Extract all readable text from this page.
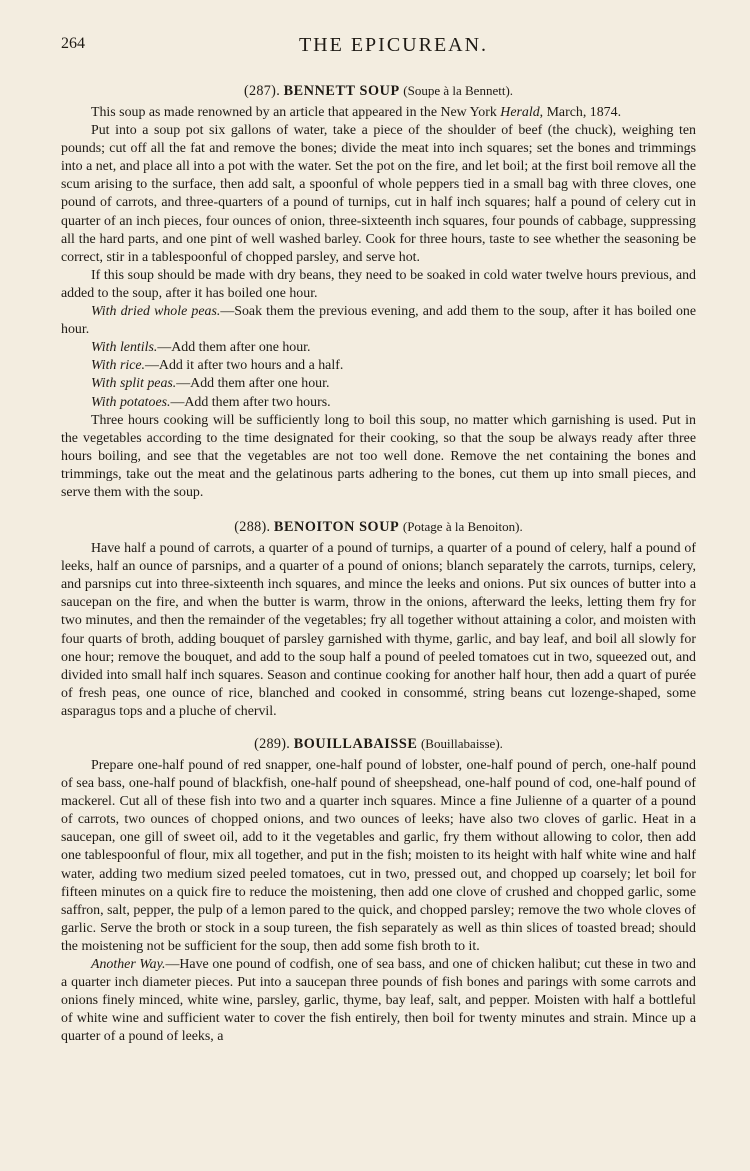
264	THE EPICUREAN.
(287). BENNETT SOUP (Soupe à la Bennett).

This soup as made renowned by an article that appeared in the New York Herald, March, 1874.

Put into a soup pot six gallons of water, take a piece of the shoulder of beef (the chuck), weighing ten pounds; cut off all the fat and remove the bones; divide the meat into inch squares; set the bones and trimmings into a net, and place all into a pot with the water. Set the pot on the fire, and let boil; at the first boil remove all the scum arising to the surface, then add salt, a spoonful of whole peppers tied in a small bag with three cloves, one pound of carrots, and three-quarters of a pound of turnips, cut in half inch squares; half a pound of celery cut in quarter of an inch pieces, four ounces of onion, three-sixteenth inch squares, four pounds of cabbage, suppressing all the hard parts, and one pint of well washed barley. Cook for three hours, taste to see whether the seasoning be correct, stir in a tablespoonful of chopped parsley, and serve hot.

If this soup should be made with dry beans, they need to be soaked in cold water twelve hours previous, and added to the soup, after it has boiled one hour.

With dried whole peas.—Soak them the previous evening, and add them to the soup, after it has boiled one hour.

With lentils.—Add them after one hour.

With rice.—Add it after two hours and a half.

With split peas.—Add them after one hour.

With potatoes.—Add them after two hours.

Three hours cooking will be sufficiently long to boil this soup, no matter which garnishing is used. Put in the vegetables according to the time designated for their cooking, so that the soup be always ready after three hours boiling, and see that the vegetables are not too well done. Remove the net containing the bones and trimmings, take out the meat and the gelatinous parts adhering to the bones, cut them up into small pieces, and serve them with the soup.

(288). BENOITON SOUP (Potage à la Benoiton).

Have half a pound of carrots, a quarter of a pound of turnips, a quarter of a pound of celery, half a pound of leeks, half an ounce of parsnips, and a quarter of a pound of onions; blanch separately the carrots, turnips, celery, and parsnips cut into three-sixteenth inch squares, and mince the leeks and onions. Put six ounces of butter into a saucepan on the fire, and when the butter is warm, throw in the onions, afterward the leeks, letting them fry for two minutes, and then the remainder of the vegetables; fry all together without attaining a color, and moisten with four quarts of broth, adding bouquet of parsley garnished with thyme, garlic, and bay leaf, and boil all slowly for one hour; remove the bouquet, and add to the soup half a pound of peeled tomatoes cut in two, squeezed out, and divided into small half inch squares. Season and continue cooking for another half hour, then add a quart of purée of fresh peas, one ounce of rice, blanched and cooked in consommé, string beans cut lozenge-shaped, some asparagus tops and a pluche of chervil.

(289). BOUILLABAISSE (Bouillabaisse).

Prepare one-half pound of red snapper, one-half pound of lobster, one-half pound of perch, one-half pound of sea bass, one-half pound of blackfish, one-half pound of sheepshead, one-half pound of cod, one-half pound of mackerel. Cut all of these fish into two and a quarter inch squares. Mince a fine Julienne of a quarter of a pound of carrots, two ounces of chopped onions, and two ounces of leeks; have also two cloves of garlic. Heat in a saucepan, one gill of sweet oil, add to it the vegetables and garlic, fry them without allowing to color, then add one tablespoonful of flour, mix all together, and put in the fish; moisten to its height with half white wine and half water, adding two medium sized peeled tomatoes, cut in two, pressed out, and chopped up coarsely; let boil for fifteen minutes on a quick fire to reduce the moistening, then add one clove of crushed and chopped garlic, some saffron, salt, pepper, the pulp of a lemon pared to the quick, and chopped parsley; remove the two whole cloves of garlic. Serve the broth or stock in a soup tureen, the fish separately as well as thin slices of toasted bread; should the moistening not be sufficient for the soup, then add some fish broth to it.

Another Way.—Have one pound of codfish, one of sea bass, and one of chicken halibut; cut these in two and a quarter inch diameter pieces. Put into a saucepan three pounds of fish bones and parings with some carrots and onions finely minced, white wine, parsley, garlic, thyme, bay leaf, salt, and pepper. Moisten with half a bottleful of white wine and sufficient water to cover the fish entirely, then boil for twenty minutes and strain. Mince up a quarter of a pound of leeks, a
